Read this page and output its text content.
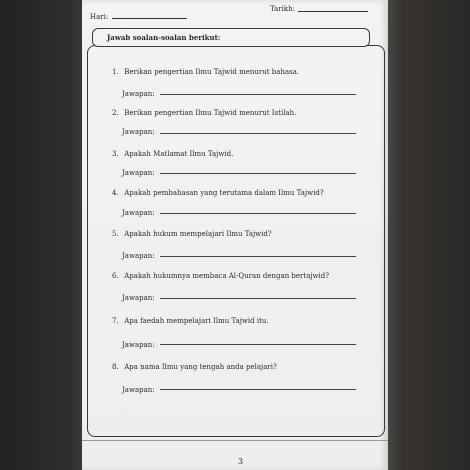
Tarikh:
Hari:
Jawab soalan-soalan berikut:
1. Berikan pengertian Ilmu Tajwid menurut bahasa.
Jawapan:
2. Berikan pengertian Ilmu Tajwid menurut Istilah.
Jawapan:
3. Apakah Matlamat Ilmu Tajwid.
Jawapan:
4. Apakah pembahasan yang terutama dalam Ilmu Tajwid?
Jawapan:
5. Apakah hukum mempelajari Ilmu Tajwid?
Jawapan:
6. Apakah hukumnya membaca Al-Quran dengan bertajwid?
Jawapan:
7. Apa faedah mempelajari Ilmu Tajwid itu.
Jawapan:
8. Apa nama Ilmu yang tengah anda pelajari?
Jawapan:
3
